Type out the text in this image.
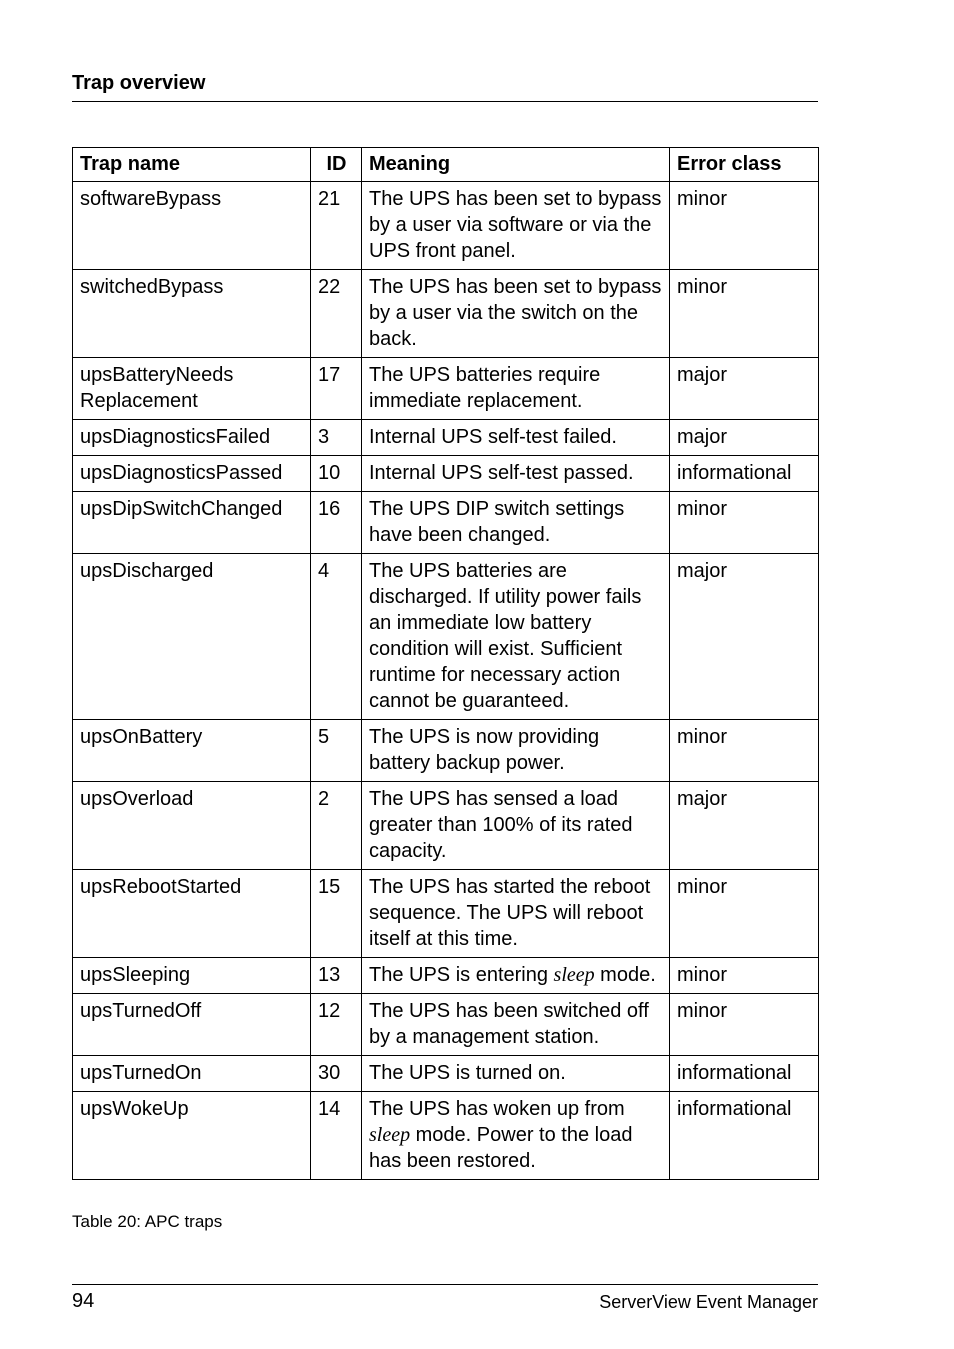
Trap overview
Trap name	ID	Meaning	Error class
softwareBypass	21	The UPS has been set to bypass by a user via software or via the UPS front panel.	minor
switchedBypass	22	The UPS has been set to bypass by a user via the switch on the back.	minor
upsBatteryNeeds Replacement	17	The UPS batteries require immediate replacement.	major
upsDiagnosticsFailed	3	Internal UPS self-test failed.	major
upsDiagnosticsPassed	10	Internal UPS self-test passed.	informational
upsDipSwitchChanged	16	The UPS DIP switch settings have been changed.	minor
upsDischarged	4	The UPS batteries are discharged. If utility power fails an immediate low battery condition will exist. Sufficient runtime for necessary action cannot be guaranteed.	major
upsOnBattery	5	The UPS is now providing battery backup power.	minor
upsOverload	2	The UPS has sensed a load greater than 100% of its rated capacity.	major
upsRebootStarted	15	The UPS has started the reboot sequence. The UPS will reboot itself at this time.	minor
upsSleeping	13	The UPS is entering sleep mode.	minor
upsTurnedOff	12	The UPS has been switched off by a management station.	minor
upsTurnedOn	30	The UPS is turned on.	informational
upsWokeUp	14	The UPS has woken up from sleep mode. Power to the load has been restored.	informational
Table 20: APC traps
94	ServerView Event Manager
